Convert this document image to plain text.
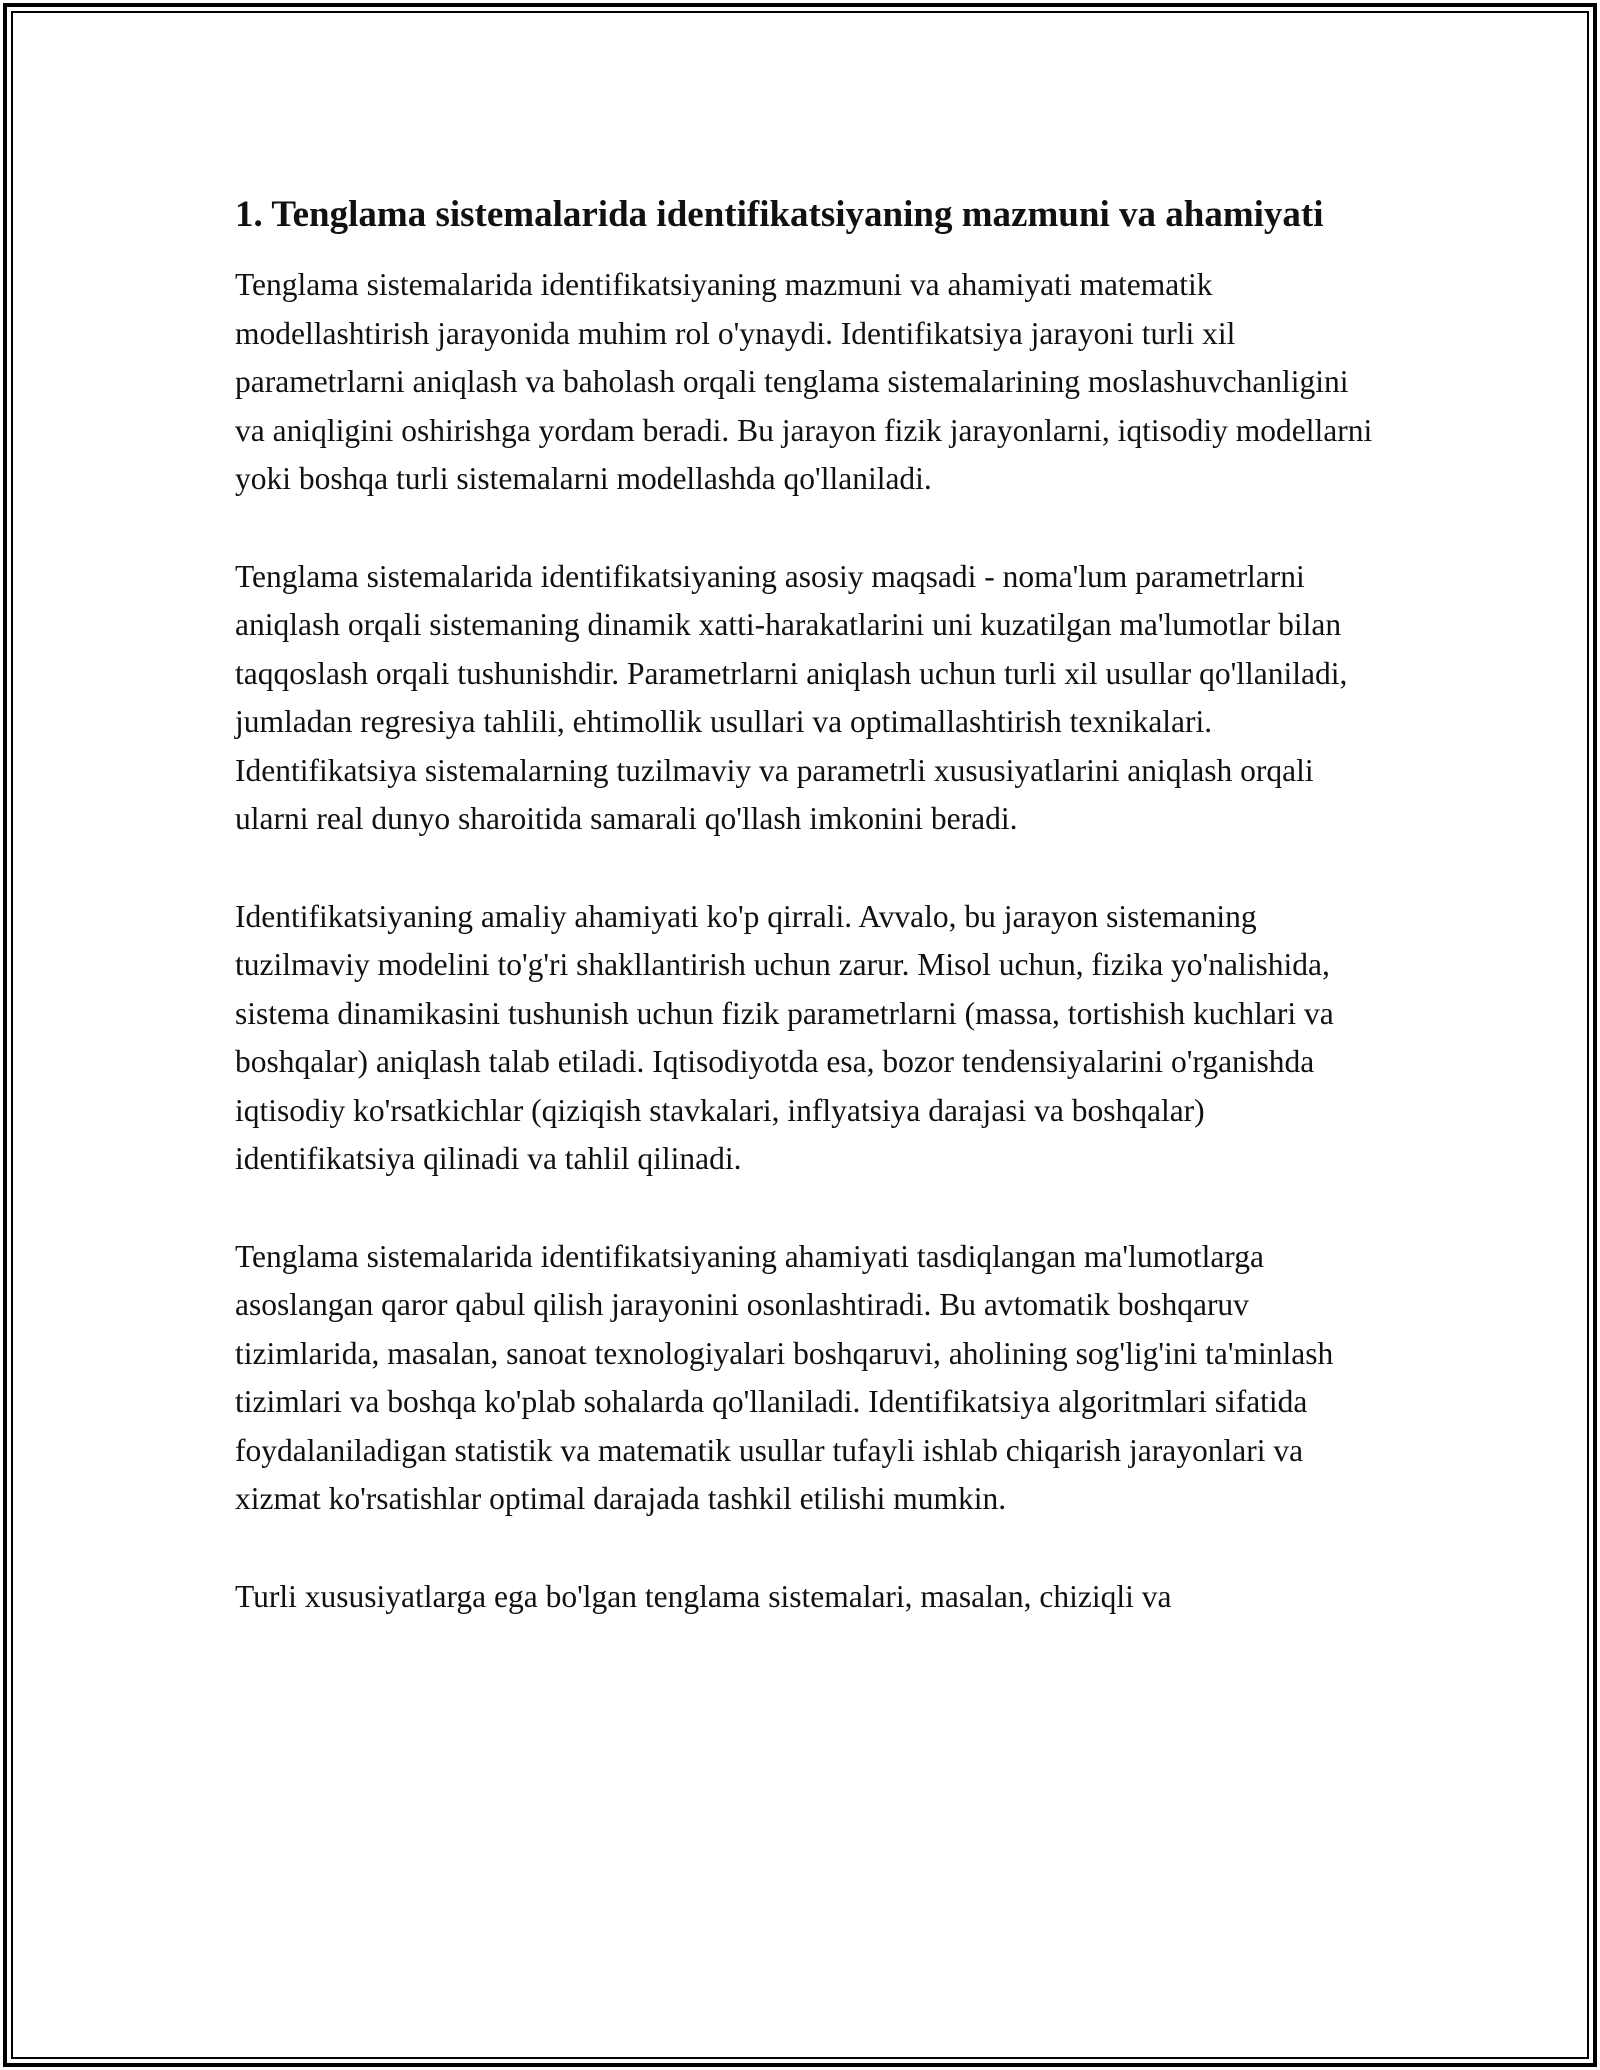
1. Tenglama sistemalarida identifikatsiyaning mazmuni va ahamiyati

Tenglama sistemalarida identifikatsiyaning mazmuni va ahamiyati matematik modellashtirish jarayonida muhim rol o'ynaydi. Identifikatsiya jarayoni turli xil parametrlarni aniqlash va baholash orqali tenglama sistemalarining moslashuvchanligini va aniqligini oshirishga yordam beradi. Bu jarayon fizik jarayonlarni, iqtisodiy modellarni yoki boshqa turli sistemalarni modellashda qo'llaniladi.

Tenglama sistemalarida identifikatsiyaning asosiy maqsadi - noma'lum parametrlarni aniqlash orqali sistemaning dinamik xatti-harakatlarini uni kuzatilgan ma'lumotlar bilan taqqoslash orqali tushunishdir. Parametrlarni aniqlash uchun turli xil usullar qo'llaniladi, jumladan regresiya tahlili, ehtimollik usullari va optimallashtirish texnikalari. Identifikatsiya sistemalarning tuzilmaviy va parametrli xususiyatlarini aniqlash orqali ularni real dunyo sharoitida samarali qo'llash imkonini beradi.

Identifikatsiyaning amaliy ahamiyati ko'p qirrali. Avvalo, bu jarayon sistemaning tuzilmaviy modelini to'g'ri shakllantirish uchun zarur. Misol uchun, fizika yo'nalishida, sistema dinamikasini tushunish uchun fizik parametrlarni (massa, tortishish kuchlari va boshqalar) aniqlash talab etiladi. Iqtisodiyotda esa, bozor tendensiyalarini o'rganishda iqtisodiy ko'rsatkichlar (qiziqish stavkalari, inflyatsiya darajasi va boshqalar) identifikatsiya qilinadi va tahlil qilinadi.

Tenglama sistemalarida identifikatsiyaning ahamiyati tasdiqlangan ma'lumotlarga asoslangan qaror qabul qilish jarayonini osonlashtiradi. Bu avtomatik boshqaruv tizimlarida, masalan, sanoat texnologiyalari boshqaruvi, aholining sog'lig'ini ta'minlash tizimlari va boshqa ko'plab sohalarda qo'llaniladi. Identifikatsiya algoritmlari sifatida foydalaniladigan statistik va matematik usullar tufayli ishlab chiqarish jarayonlari va xizmat ko'rsatishlar optimal darajada tashkil etilishi mumkin.

Turli xususiyatlarga ega bo'lgan tenglama sistemalari, masalan, chiziqli va
